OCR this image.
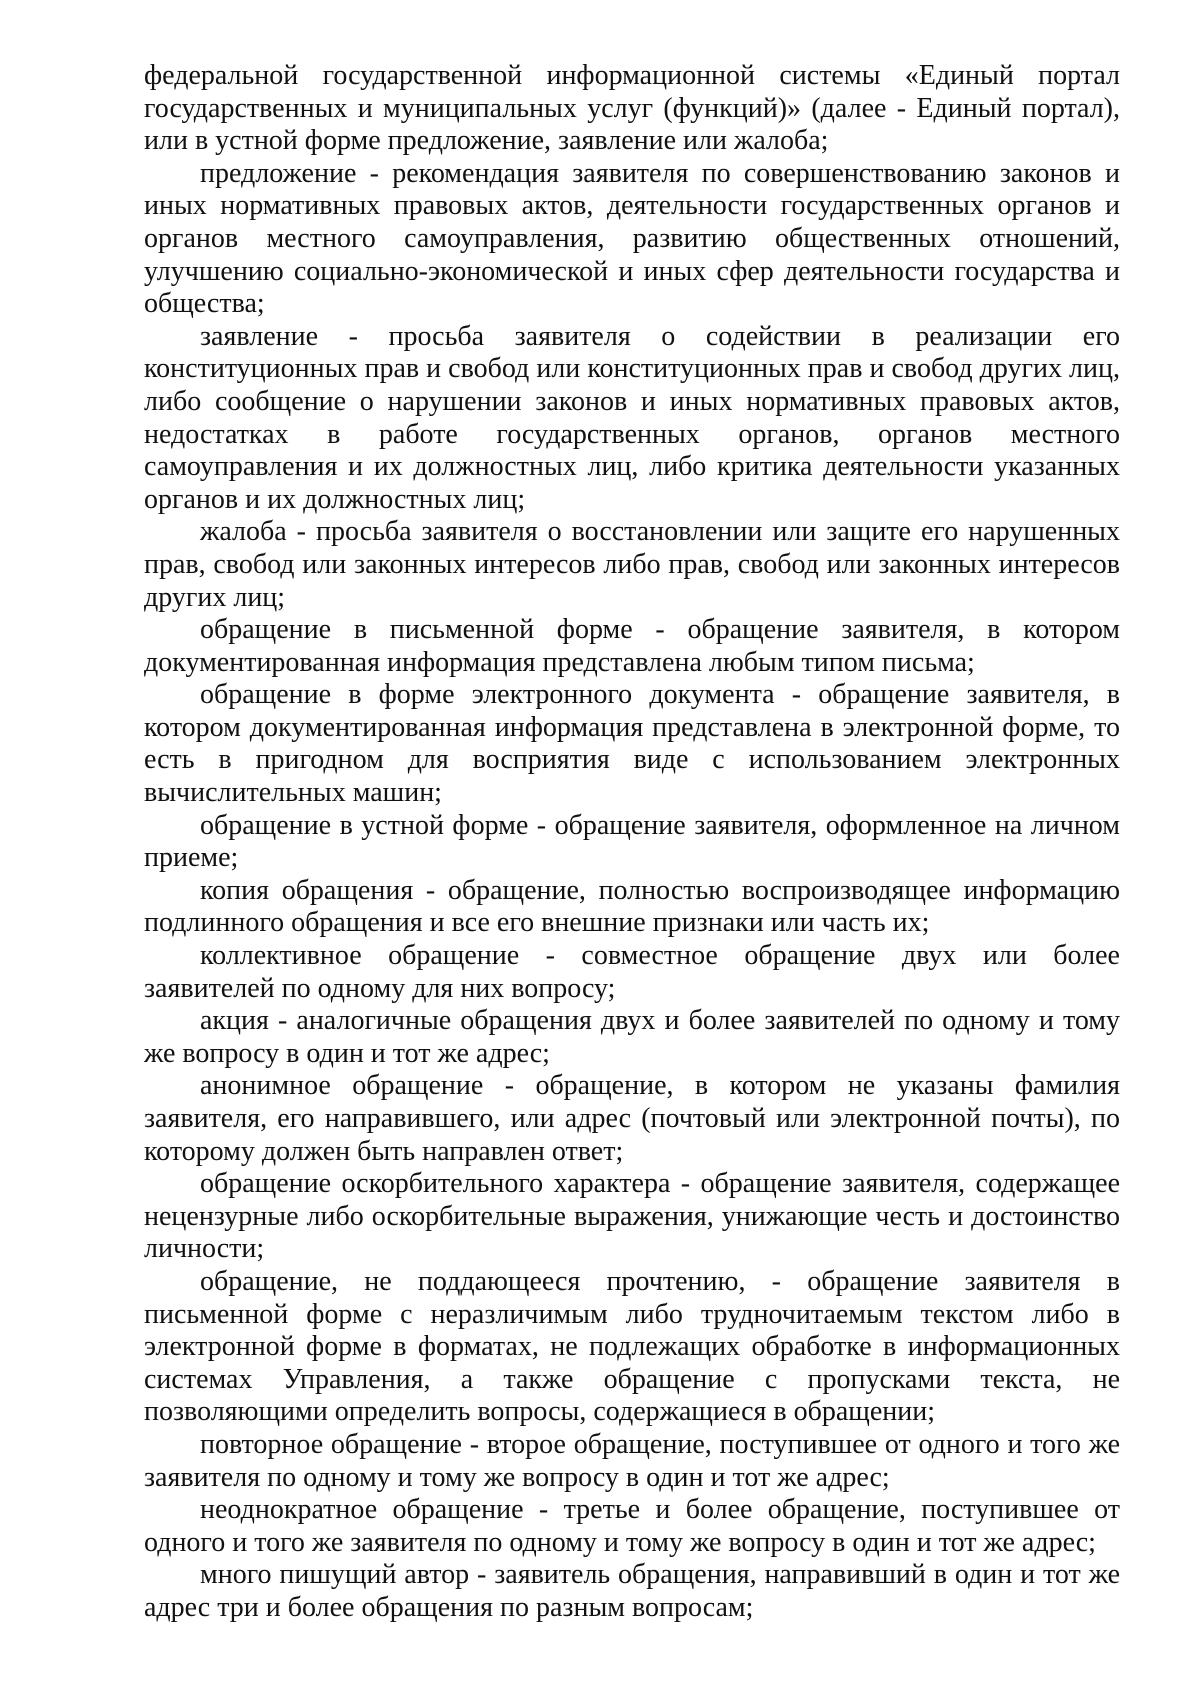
федеральной государственной информационной системы «Единый портал государственных и муниципальных услуг (функций)» (далее - Единый портал), или в устной форме предложение, заявление или жалоба;

предложение - рекомендация заявителя по совершенствованию законов и иных нормативных правовых актов, деятельности государственных органов и органов местного самоуправления, развитию общественных отношений, улучшению социально-экономической и иных сфер деятельности государства и общества;

заявление - просьба заявителя о содействии в реализации его конституционных прав и свобод или конституционных прав и свобод других лиц, либо сообщение о нарушении законов и иных нормативных правовых актов, недостатках в работе государственных органов, органов местного самоуправления и их должностных лиц, либо критика деятельности указанных органов и их должностных лиц;

жалоба - просьба заявителя о восстановлении или защите его нарушенных прав, свобод или законных интересов либо прав, свобод или законных интересов других лиц;

обращение в письменной форме - обращение заявителя, в котором документированная информация представлена любым типом письма;

обращение в форме электронного документа - обращение заявителя, в котором документированная информация представлена в электронной форме, то есть в пригодном для восприятия виде с использованием электронных вычислительных машин;

обращение в устной форме - обращение заявителя, оформленное на личном приеме;

копия обращения - обращение, полностью воспроизводящее информацию подлинного обращения и все его внешние признаки или часть их;

коллективное обращение - совместное обращение двух или более заявителей по одному для них вопросу;

акция - аналогичные обращения двух и более заявителей по одному и тому же вопросу в один и тот же адрес;

анонимное обращение - обращение, в котором не указаны фамилия заявителя, его направившего, или адрес (почтовый или электронной почты), по которому должен быть направлен ответ;

обращение оскорбительного характера - обращение заявителя, содержащее нецензурные либо оскорбительные выражения, унижающие честь и достоинство личности;

обращение, не поддающееся прочтению, - обращение заявителя в письменной форме с неразличимым либо трудночитаемым текстом либо в электронной форме в форматах, не подлежащих обработке в информационных системах Управления, а также обращение с пропусками текста, не позволяющими определить вопросы, содержащиеся в обращении;

повторное обращение - второе обращение, поступившее от одного и того же заявителя по одному и тому же вопросу в один и тот же адрес;

неоднократное обращение - третье и более обращение, поступившее от одного и того же заявителя по одному и тому же вопросу в один и тот же адрес;

много пишущий автор - заявитель обращения, направивший в один и тот же адрес три и более обращения по разным вопросам;
